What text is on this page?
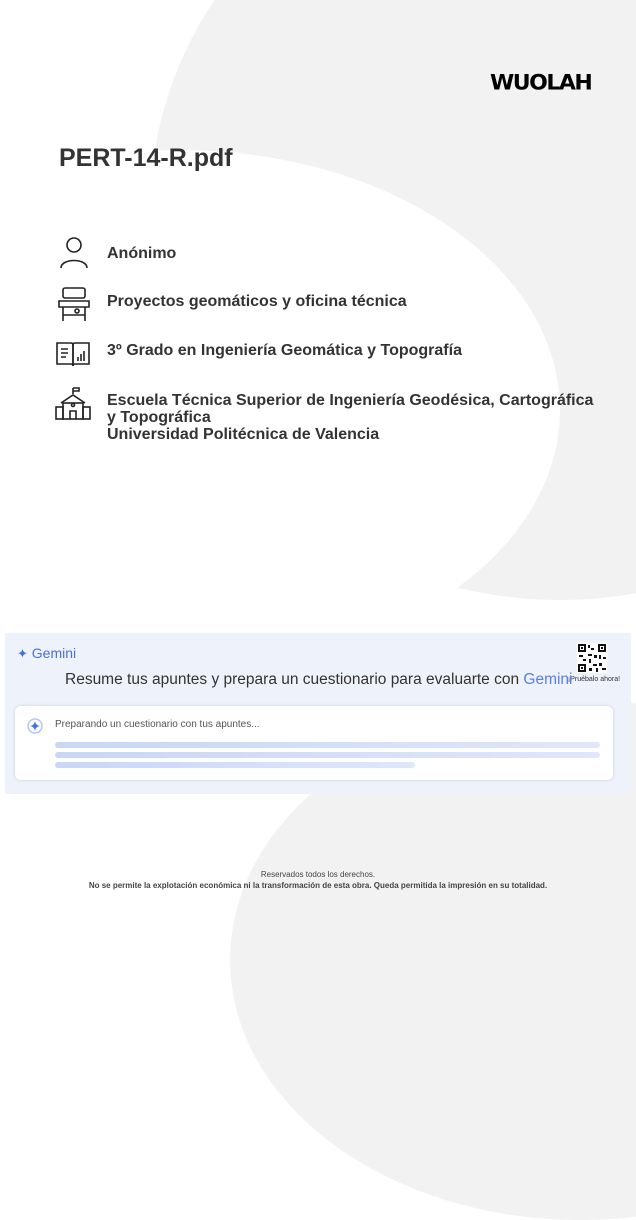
WUOLAH
PERT-14-R.pdf
Anónimo
Proyectos geomáticos y oficina técnica
3º Grado en Ingeniería Geomática y Topografía
Escuela Técnica Superior de Ingeniería Geodésica, Cartográfica
y Topográfica
Universidad Politécnica de Valencia
✦ Gemini
¡Pruébalo ahora!
Resume tus apuntes y prepara un cuestionario para evaluarte con Gemini
Preparando un cuestionario con tus apuntes...
Reservados todos los derechos.
No se permite la explotación económica ni la transformación de esta obra. Queda permitida la impresión en su totalidad.
